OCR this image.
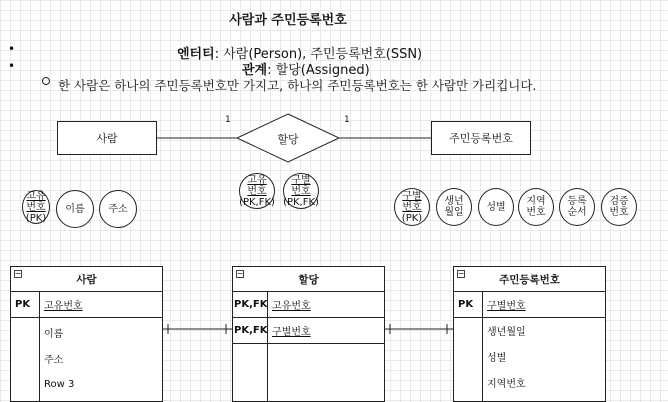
사람과 주민등록번호
•	엔터티: 사람(Person), 주민등록번호(SSN)
•	관계: 할당(Assigned)
한 사람은 하나의 주민등록번호만 가지고, 하나의 주민등록번호는 한 사람만 가리킵니다.
사람	주민등록번호
할당
1	1
고유
번호
(PK)
이름 주소
고유
번호
(PK,FK)
구별
번호
(PK,FK)
구별
번호
(PK)
생년
월일 성별 지역
번호
등록
순서
검증
번호
−	사람
PK 고유번호
이름
주소
Row 3
−	할당
PK,FK 고유번호
PK,FK 구별번호
−	주민등록번호
PK 구별번호
생년월일
성별
지역번호
